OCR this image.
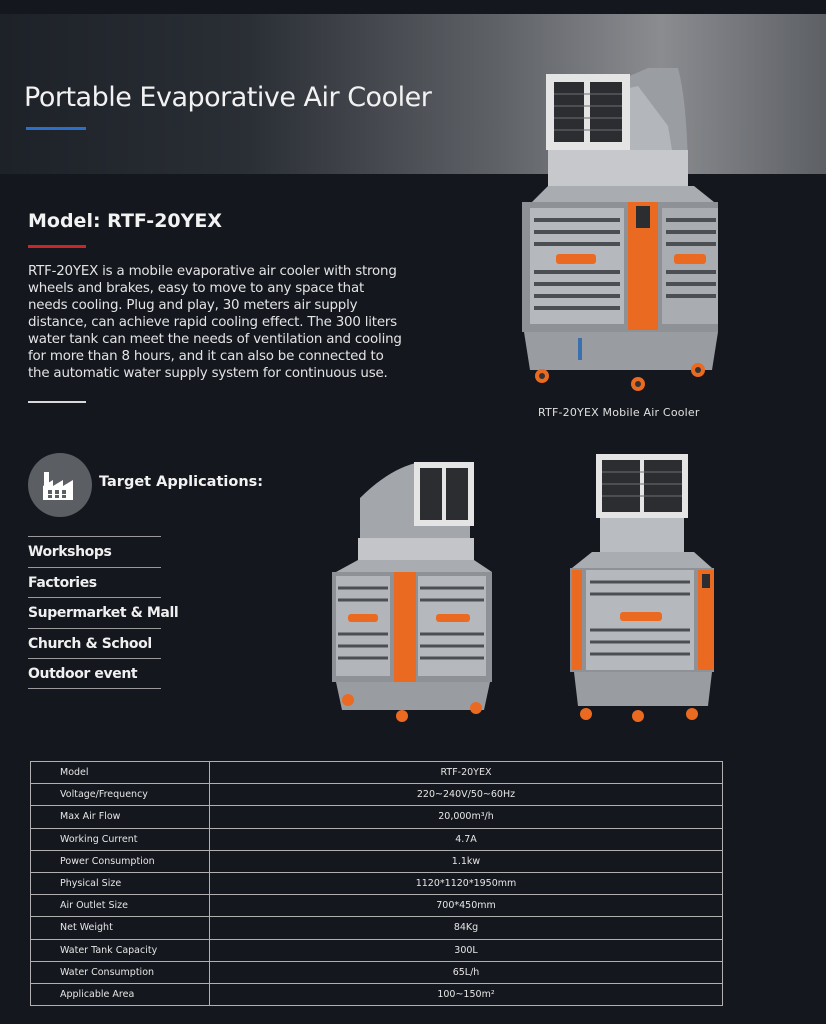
Portable Evaporative Air Cooler
Model: RTF-20YEX

RTF-20YEX is a mobile evaporative air cooler with strong wheels and brakes, easy to move to any space that needs cooling. Plug and play, 30 meters air supply distance, can achieve rapid cooling effect. The 300 liters water tank can meet the needs of ventilation and cooling for more than 8 hours, and it can also be connected to the automatic water supply system for continuous use.

RTF-20YEX Mobile Air Cooler
Target Applications:
Workshops
Factories
Supermarket & Mall
Church & School
Outdoor event
Model	RTF-20YEX
Voltage/Frequency	220~240V/50~60Hz
Max Air Flow	20,000m³/h
Working Current	4.7A
Power Consumption	1.1kw
Physical Size	1120*1120*1950mm
Air Outlet Size	700*450mm
Net Weight	84Kg
Water Tank Capacity	300L
Water Consumption	65L/h
Applicable Area	100~150m²
